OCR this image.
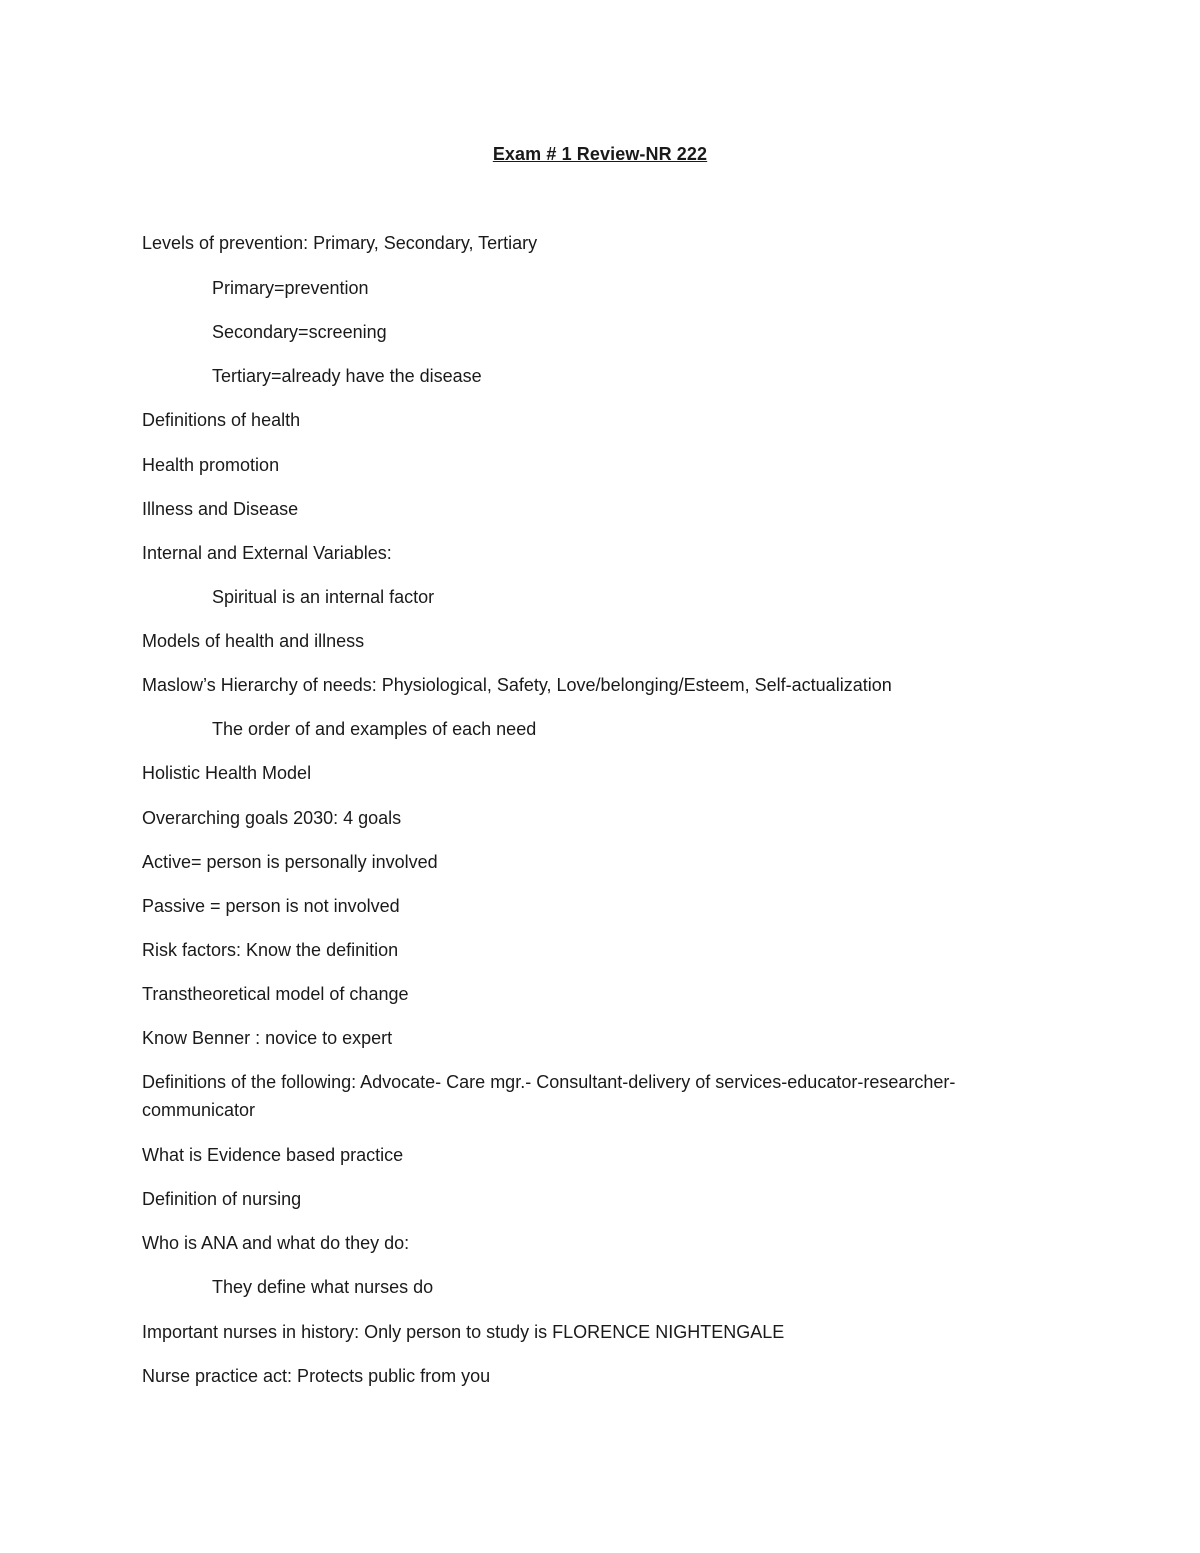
Exam # 1 Review-NR 222
Levels of prevention: Primary, Secondary, Tertiary
Primary=prevention
Secondary=screening
Tertiary=already have the disease
Definitions of health
Health promotion
Illness and Disease
Internal and External Variables:
Spiritual is an internal factor
Models of health and illness
Maslow’s Hierarchy of needs: Physiological, Safety, Love/belonging/Esteem, Self-actualization
The order of and examples of each need
Holistic Health Model
Overarching goals 2030: 4 goals
Active= person is personally involved
Passive = person is not involved
Risk factors: Know the definition
Transtheoretical model of change
Know Benner : novice to expert
Definitions of the following: Advocate- Care mgr.- Consultant-delivery of services-educator-researcher-communicator
What is Evidence based practice
Definition of nursing
Who is ANA and what do they do:
They define what nurses do
Important nurses in history: Only person to study is FLORENCE NIGHTENGALE
Nurse practice act: Protects public from you
